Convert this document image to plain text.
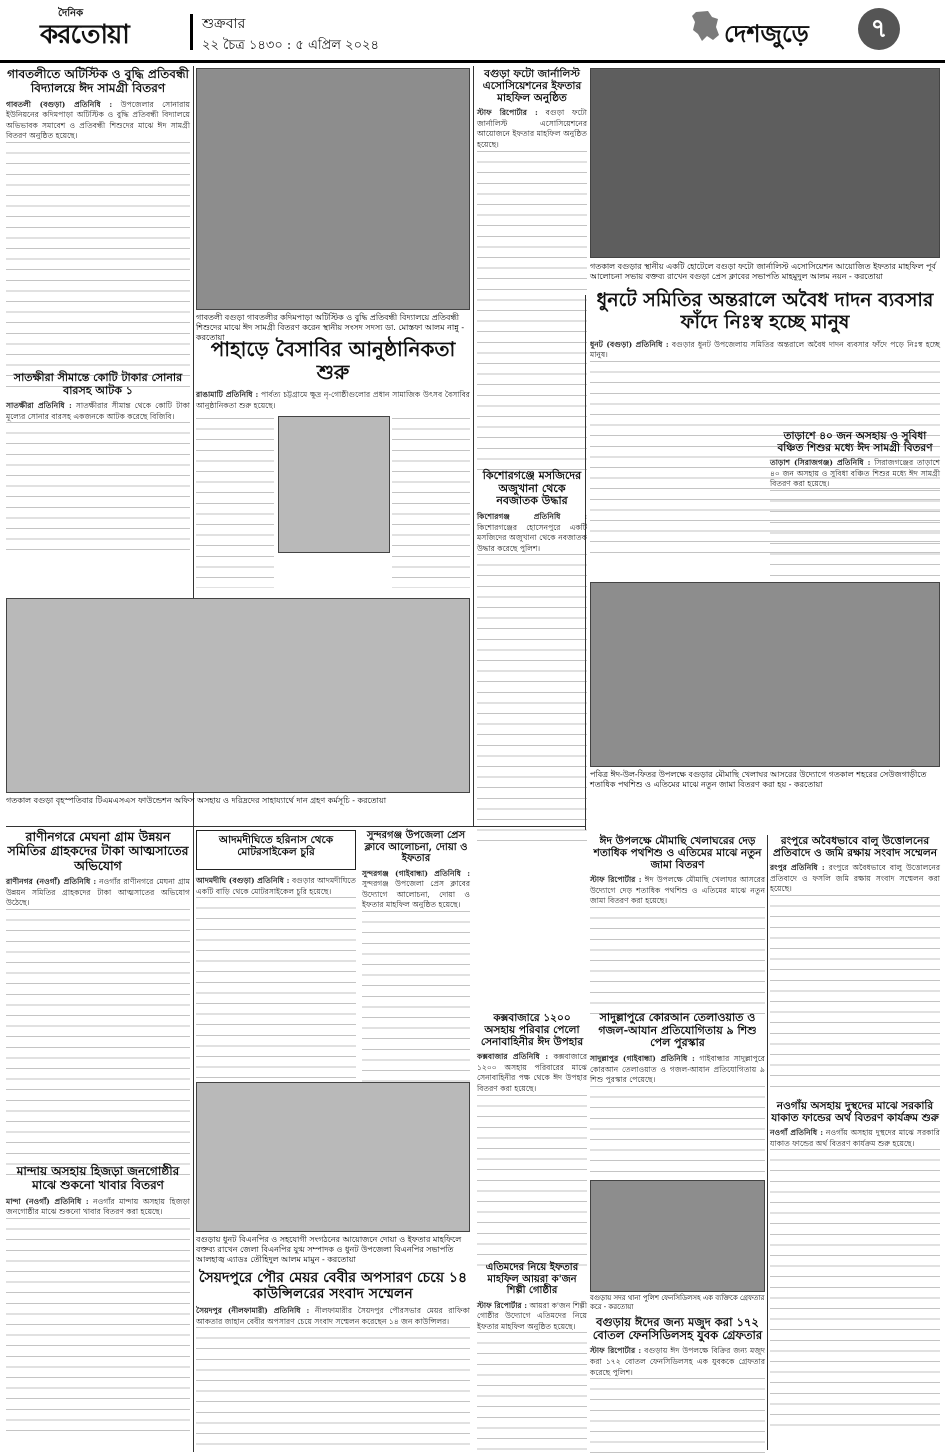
দৈনিক
করতোয়া	শুক্রবার
২২ চৈত্র ১৪৩০ : ৫ এপ্রিল ২০২৪	দেশজুড়ে	৭
গাবতলীতে অটিস্টিক ও বুদ্ধি প্রতিবন্ধী বিদ্যালয়ে ঈদ সামগ্রী বিতরণ
গাবতলী (বগুড়া) প্রতিনিধি : উপজেলার সোনারায় ইউনিয়নের কদিমপাড়া অটিস্টিক ও বুদ্ধি প্রতিবন্ধী বিদ্যালয়ে অভিভাবক সমাবেশ ও প্রতিবন্ধী শিশুদের মাঝে ঈদ সামগ্রী বিতরণ অনুষ্ঠিত হয়েছে।
গাবতলী বগুড়া গাবতলীর কদিমপাড়া অটিস্টিক ও বুদ্ধি প্রতিবন্ধী বিদ্যালয়ে প্রতিবন্ধী শিশুদের মাঝে ঈদ সামগ্রী বিতরণ করেন স্থানীয় সংসদ সদস্য ডা. মোস্তফা আলম নান্নু - করতোয়া
বগুড়া ফটো জার্নালিস্ট এসোসিয়েশনের ইফতার মাহফিল অনুষ্ঠিত
স্টাফ রিপোর্টার : বগুড়া ফটো জার্নালিস্ট এসোসিয়েশনের আয়োজনে ইফতার মাহফিল অনুষ্ঠিত হয়েছে।
গতকাল বগুড়ার স্থানীয় একটি হোটেলে বগুড়া ফটো জার্নালিস্ট এসোসিয়েশন আয়োজিত ইফতার মাহফিল পূর্ব আলোচনা সভায় বক্তব্য রাখেন বগুড়া প্রেস ক্লাবের সভাপতি মাহমুদুল আলম নয়ন - করতোয়া
পাহাড়ে বৈসাবির আনুষ্ঠানিকতা শুরু
রাঙামাটি প্রতিনিধি : পার্বত্য চট্টগ্রামে ক্ষুদ্র নৃ-গোষ্ঠীগুলোর প্রধান সামাজিক উৎসব বৈসাবির আনুষ্ঠানিকতা শুরু হয়েছে।
সাতক্ষীরা সীমান্তে কোটি টাকার সোনার বারসহ আটক ১
সাতক্ষীরা প্রতিনিধি : সাতক্ষীরার সীমান্ত থেকে কোটি টাকা মূল্যের সোনার বারসহ একজনকে আটক করেছে বিজিবি।
ধুনটে সমিতির অন্তরালে অবৈধ দাদন ব্যবসার ফাঁদে নিঃস্ব হচ্ছে মানুষ
ধুনট (বগুড়া) প্রতিনিধি : বগুড়ার ধুনট উপজেলায় সমিতির অন্তরালে অবৈধ দাদন ব্যবসার ফাঁদে পড়ে নিঃস্ব হচ্ছে মানুষ।
তাড়াশে ৪০ জন অসহায় ও সুবিধা বঞ্চিত শিশুর মধ্যে ঈদ সামগ্রী বিতরণ
তাড়াশ (সিরাজগঞ্জ) প্রতিনিধি : সিরাজগঞ্জের তাড়াশে ৪০ জন অসহায় ও সুবিধা বঞ্চিত শিশুর মধ্যে ঈদ সামগ্রী বিতরণ করা হয়েছে।
গতকাল বগুড়া বৃহস্পতিবার টিএমএসএস ফাউন্ডেশন অফিস অসহায় ও দরিদ্রদের সাহায্যার্থে দান গ্রহণ কর্মসূচি - করতোয়া
কিশোরগঞ্জে মসজিদের অজুখানা থেকে নবজাতক উদ্ধার
কিশোরগঞ্জ প্রতিনিধি : কিশোরগঞ্জের হোসেনপুরে একটি মসজিদের অজুখানা থেকে নবজাতক উদ্ধার করেছে পুলিশ।
পবিত্র ঈদ-উল-ফিতর উপলক্ষে বগুড়ার মৌমাছি খেলাঘর আসরের উদ্যোগে গতকাল শহরের সেউজগাড়ীতে শতাধিক পথশিশু ও এতিমের মাঝে নতুন জামা বিতরণ করা হয় - করতোয়া
রাণীনগরে মেঘনা গ্রাম উন্নয়ন সমিতির গ্রাহকদের টাকা আত্মসাতের অভিযোগ
রাণীনগর (নওগাঁ) প্রতিনিধি : নওগাঁর রাণীনগরে মেঘনা গ্রাম উন্নয়ন সমিতির গ্রাহকদের টাকা আত্মসাতের অভিযোগ উঠেছে।
আদমদীঘিতে হরিনাস থেকে মোটরসাইকেল চুরি
আদমদীঘি (বগুড়া) প্রতিনিধি : বগুড়ার আদমদীঘিতে একটি বাড়ি থেকে মোটরসাইকেল চুরি হয়েছে।
সুন্দরগঞ্জ উপজেলা প্রেস ক্লাবে আলোচনা, দোয়া ও ইফতার
সুন্দরগঞ্জ (গাইবান্ধা) প্রতিনিধি : সুন্দরগঞ্জ উপজেলা প্রেস ক্লাবের উদ্যোগে আলোচনা, দোয়া ও ইফতার মাহফিল অনুষ্ঠিত হয়েছে।
ঈদ উপলক্ষে মৌমাছি খেলাঘরের দেড় শতাধিক পথশিশু ও এতিমের মাঝে নতুন জামা বিতরণ
স্টাফ রিপোর্টার : ঈদ উপলক্ষে মৌমাছি খেলাঘর আসরের উদ্যোগে দেড় শতাধিক পথশিশু ও এতিমের মাঝে নতুন জামা বিতরণ করা হয়েছে।
রংপুরে অবৈধভাবে বালু উত্তোলনের প্রতিবাদে ও জমি রক্ষায় সংবাদ সম্মেলন
রংপুর প্রতিনিধি : রংপুরে অবৈধভাবে বালু উত্তোলনের প্রতিবাদে ও ফসলি জমি রক্ষায় সংবাদ সম্মেলন করা হয়েছে।
কক্সবাজারে ১২০০ অসহায় পরিবার পেলো সেনাবাহিনীর ঈদ উপহার
কক্সবাজার প্রতিনিধি : কক্সবাজারে ১২০০ অসহায় পরিবারের মাঝে সেনাবাহিনীর পক্ষ থেকে ঈদ উপহার বিতরণ করা হয়েছে।
সাদুল্লাপুরে কোরআন তেলাওয়াত ও গজল-আযান প্রতিযোগিতায় ৯ শিশু পেল পুরস্কার
সাদুল্লাপুর (গাইবান্ধা) প্রতিনিধি : গাইবান্ধার সাদুল্লাপুরে কোরআন তেলাওয়াত ও গজল-আযান প্রতিযোগিতায় ৯ শিশু পুরস্কার পেয়েছে।
বগুড়ায় ধুনট বিএনপির ও সহযোগী সংগঠনের আয়োজনে দোয়া ও ইফতার মাহফিলে বক্তব্য রাখেন জেলা বিএনপির যুগ্ম সম্পাদক ও ধুনট উপজেলা বিএনপির সভাপতি আলহাজ্ব এ্যাডঃ তৌহিদুল আলম মামুন - করতোয়া
সৈয়দপুরে পৌর মেয়র বেবীর অপসারণ চেয়ে ১৪ কাউন্সিলরের সংবাদ সম্মেলন
সৈয়দপুর (নীলফামারী) প্রতিনিধি : নীলফামারীর সৈয়দপুর পৌরসভার মেয়র রাফিকা আকতার জাহান বেবীর অপসারণ চেয়ে সংবাদ সম্মেলন করেছেন ১৪ জন কাউন্সিলর।
এতিমদের নিয়ে ইফতার মাহফিল আয়রা ক'জন শিল্পী গোষ্ঠীর
স্টাফ রিপোর্টার : আয়রা ক'জন শিল্পী গোষ্ঠীর উদ্যোগে এতিমদের নিয়ে ইফতার মাহফিল অনুষ্ঠিত হয়েছে।
মান্দায় অসহায় হিজড়া জনগোষ্ঠীর মাঝে শুকনো খাবার বিতরণ
মান্দা (নওগাঁ) প্রতিনিধি : নওগাঁর মান্দায় অসহায় হিজড়া জনগোষ্ঠীর মাঝে শুকনো খাবার বিতরণ করা হয়েছে।
নওগাঁয় অসহায় দুস্থদের মাঝে সরকারি যাকাত ফান্ডের অর্থ বিতরণ কার্যক্রম শুরু
নওগাঁ প্রতিনিধি : নওগাঁয় অসহায় দুস্থদের মাঝে সরকারি যাকাত ফান্ডের অর্থ বিতরণ কার্যক্রম শুরু হয়েছে।
বগুড়ায় সদর থানা পুলিশ ফেনসিডিলসহ এক ব্যক্তিকে গ্রেফতার করে - করতোয়া
বগুড়ায় ঈদের জন্য মজুদ করা ১৭২ বোতল ফেনসিডিলসহ যুবক গ্রেফতার
স্টাফ রিপোর্টার : বগুড়ায় ঈদ উপলক্ষে বিক্রির জন্য মজুদ করা ১৭২ বোতল ফেনসিডিলসহ এক যুবককে গ্রেফতার করেছে পুলিশ।
